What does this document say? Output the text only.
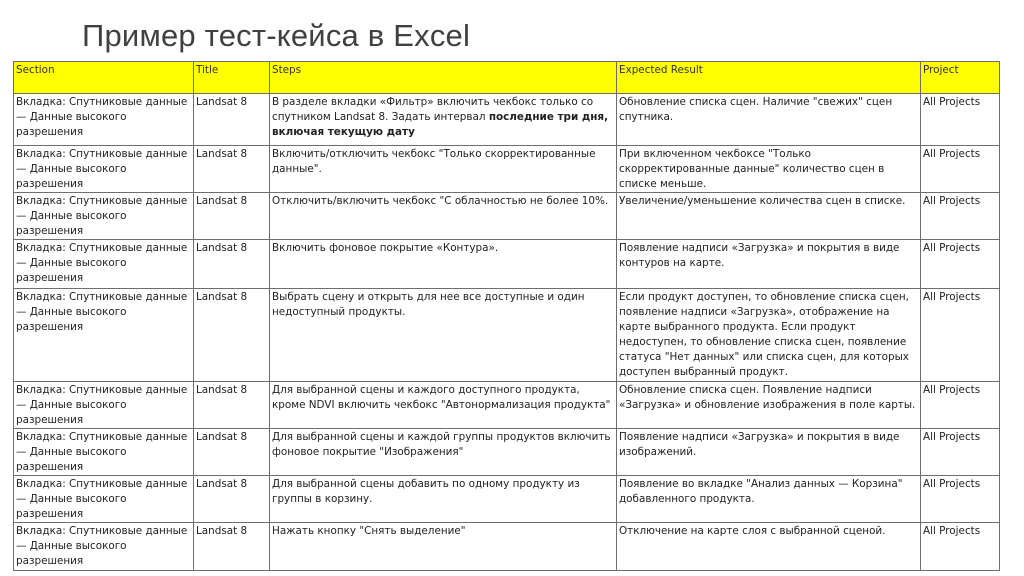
Пример тест-кейса в Excel
Section	Title	Steps	Expected Result	Project
Вкладка: Спутниковые данные — Данные высокого разрешения	Landsat 8	В разделе вкладки «Фильтр» включить чекбокс только со спутником Landsat 8. Задать интервал последние три дня, включая текущую дату	Обновление списка сцен. Наличие "свежих" сцен спутника.	All Projects
Вкладка: Спутниковые данные — Данные высокого разрешения	Landsat 8	Включить/отключить чекбокс "Только скорректированные данные".	При включенном чекбоксе "Только скорректированные данные" количество сцен в списке меньше.	All Projects
Вкладка: Спутниковые данные — Данные высокого разрешения	Landsat 8	Отключить/включить чекбокс "С облачностью не более 10%.	Увеличение/уменьшение количества сцен в списке.	All Projects
Вкладка: Спутниковые данные — Данные высокого разрешения	Landsat 8	Включить фоновое покрытие «Контура».	Появление надписи «Загрузка» и покрытия в виде контуров на карте.	All Projects
Вкладка: Спутниковые данные — Данные высокого разрешения	Landsat 8	Выбрать сцену и открыть для нее все доступные и один недоступный продукты.	Если продукт доступен, то обновление списка сцен, появление надписи «Загрузка», отображение на карте выбранного продукта. Если продукт недоступен, то обновление списка сцен, появление статуса "Нет данных" или списка сцен, для которых доступен выбранный продукт.	All Projects
Вкладка: Спутниковые данные — Данные высокого разрешения	Landsat 8	Для выбранной сцены и каждого доступного продукта, кроме NDVI включить чекбокс "Автонормализация продукта"	Обновление списка сцен. Появление надписи «Загрузка» и обновление изображения в поле карты.	All Projects
Вкладка: Спутниковые данные — Данные высокого разрешения	Landsat 8	Для выбранной сцены и каждой группы продуктов включить фоновое покрытие "Изображения"	Появление надписи «Загрузка» и покрытия в виде изображений.	All Projects
Вкладка: Спутниковые данные — Данные высокого разрешения	Landsat 8	Для выбранной сцены добавить по одному продукту из группы в корзину.	Появление во вкладке "Анализ данных — Корзина" добавленного продукта.	All Projects
Вкладка: Спутниковые данные — Данные высокого разрешения	Landsat 8	Нажать кнопку "Снять выделение"	Отключение на карте слоя с выбранной сценой.	All Projects
